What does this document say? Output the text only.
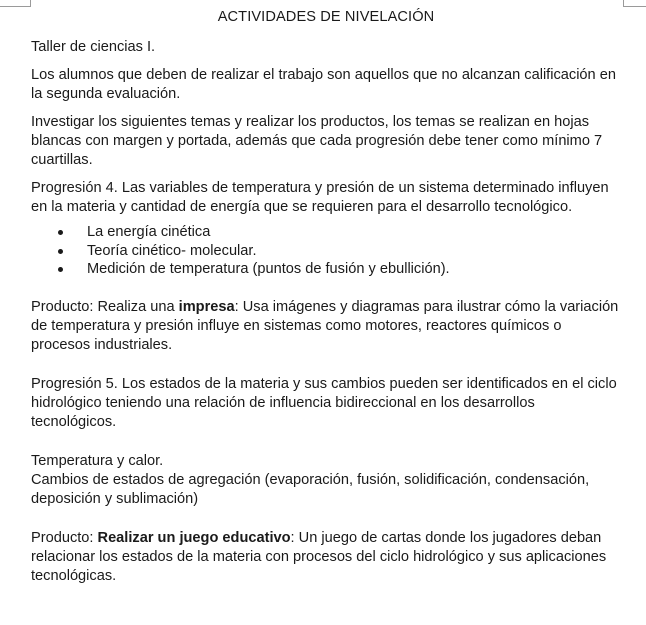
ACTIVIDADES DE NIVELACIÓN

Taller de ciencias I.

Los alumnos que deben de realizar el trabajo son aquellos que no alcanzan calificación en la segunda evaluación.

Investigar los siguientes temas y realizar los productos, los temas se realizan en hojas blancas con margen y portada, además que cada progresión debe tener como mínimo 7 cuartillas.

Progresión 4. Las variables de temperatura y presión de un sistema determinado influyen en la materia y cantidad de energía que se requieren para el desarrollo tecnológico.

La energía cinética
Teoría cinético- molecular.
Medición de temperatura (puntos de fusión y ebullición).

Producto: Realiza una impresa: Usa imágenes y diagramas para ilustrar cómo la variación de temperatura y presión influye en sistemas como motores, reactores químicos o procesos industriales.

Progresión 5. Los estados de la materia y sus cambios pueden ser identificados en el ciclo hidrológico teniendo una relación de influencia bidireccional en los desarrollos tecnológicos.

Temperatura y calor.
Cambios de estados de agregación (evaporación, fusión, solidificación, condensación, deposición y sublimación)

Producto: Realizar un juego educativo: Un juego de cartas donde los jugadores deban relacionar los estados de la materia con procesos del ciclo hidrológico y sus aplicaciones tecnológicas.
